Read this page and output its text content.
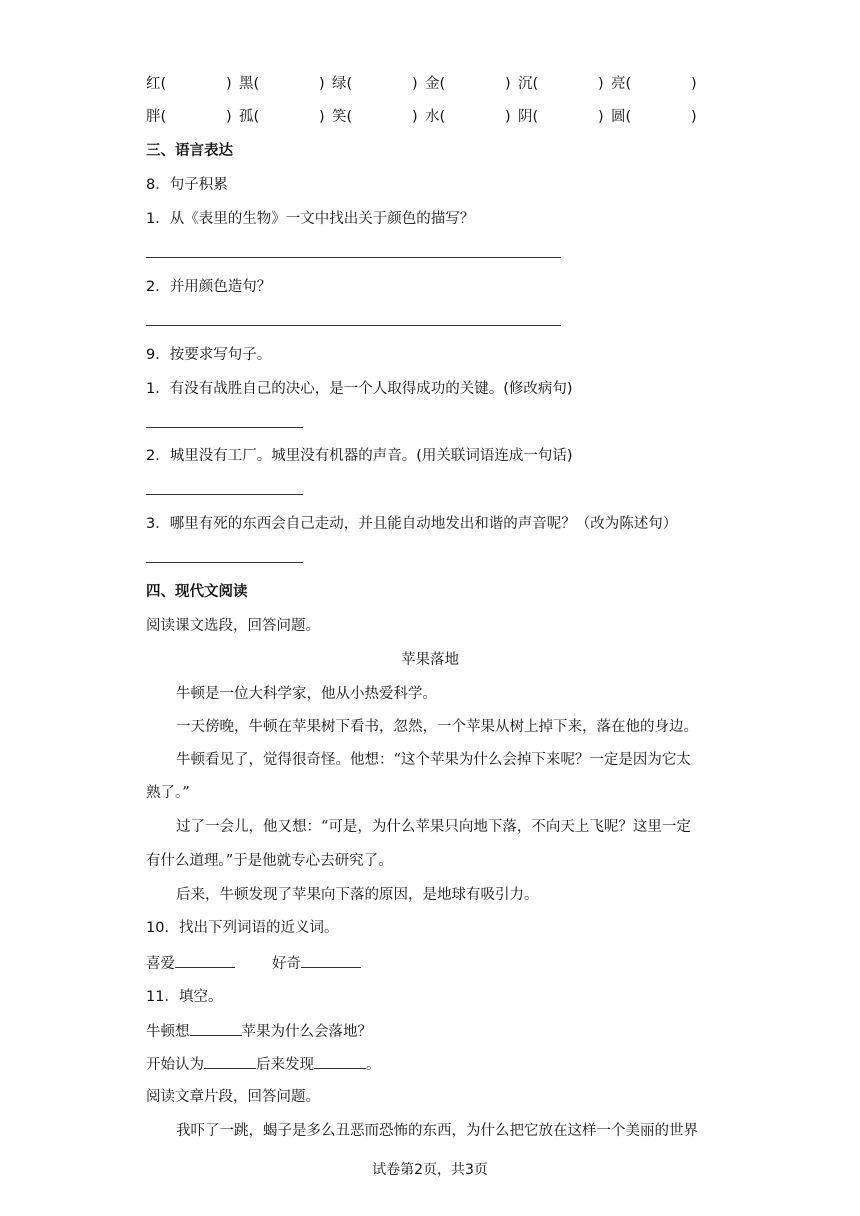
红(	) 黑(	) 绿(	) 金(	) 沉(	) 亮(	)
胖(	) 孤(	) 笑(	) 水(	) 阴(	) 圆(	)
三、语言表达
8．句子积累
1．从《表里的生物》一文中找出关于颜色的描写？
2．并用颜色造句？
9．按要求写句子。
1．有没有战胜自己的决心，是一个人取得成功的关键。(修改病句)
2．城里没有工厂。城里没有机器的声音。(用关联词语连成一句话)
3．哪里有死的东西会自己走动，并且能自动地发出和谐的声音呢？（改为陈述句）
四、现代文阅读
阅读课文选段，回答问题。
苹果落地
牛顿是一位大科学家，他从小热爱科学。
一天傍晚，牛顿在苹果树下看书，忽然，一个苹果从树上掉下来，落在他的身边。
牛顿看见了，觉得很奇怪。他想：“这个苹果为什么会掉下来呢？一定是因为它太
熟了。”
过了一会儿，他又想：“可是，为什么苹果只向地下落，不向天上飞呢？这里一定
有什么道理。”于是他就专心去研究了。
后来，牛顿发现了苹果向下落的原因，是地球有吸引力。
10．找出下列词语的近义词。
喜爱	好奇
11．填空。
牛顿想	苹果为什么会落地？
开始认为	后来发现	。
阅读文章片段，回答问题。
我吓了一跳，蝎子是多么丑恶而恐怖的东西，为什么把它放在这样一个美丽的世界
试卷第2页，共3页
